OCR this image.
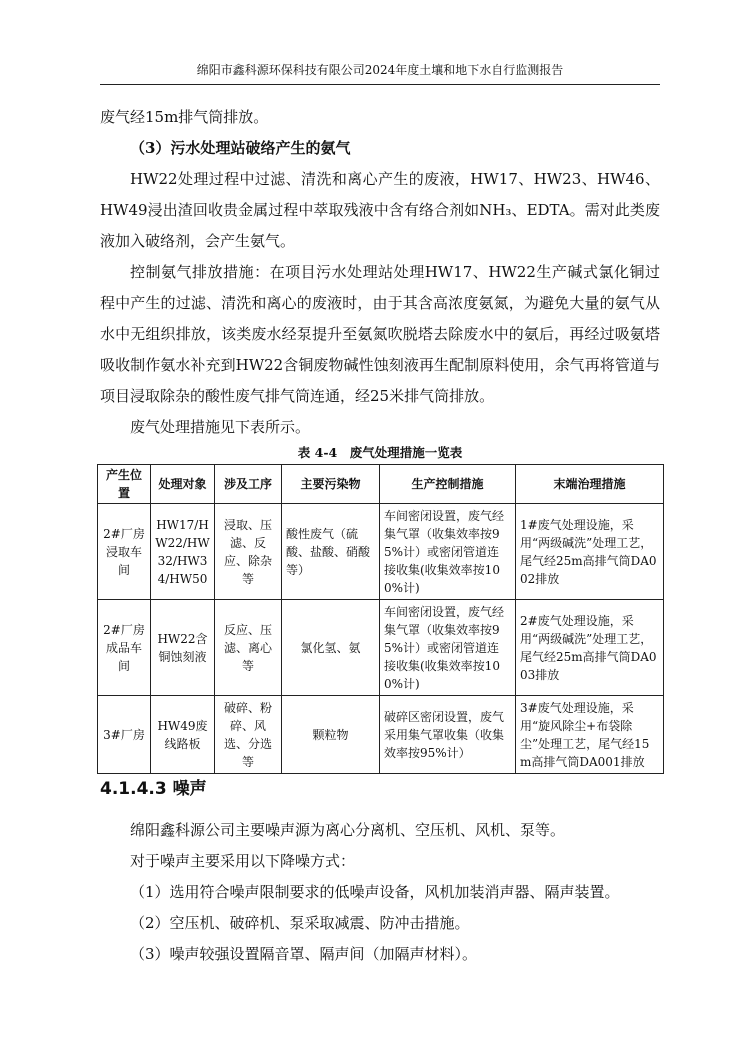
绵阳市鑫科源环保科技有限公司2024年度土壤和地下水自行监测报告

废气经15m排气筒排放。

（3）污水处理站破络产生的氨气

HW22处理过程中过滤、清洗和离心产生的废液，HW17、HW23、HW46、HW49浸出渣回收贵金属过程中萃取残液中含有络合剂如NH₃、EDTA。需对此类废液加入破络剂，会产生氨气。

控制氨气排放措施：在项目污水处理站处理HW17、HW22生产碱式氯化铜过程中产生的过滤、清洗和离心的废液时，由于其含高浓度氨氮，为避免大量的氨气从水中无组织排放，该类废水经泵提升至氨氮吹脱塔去除废水中的氨后，再经过吸氨塔吸收制作氨水补充到HW22含铜废物碱性蚀刻液再生配制原料使用，余气再将管道与项目浸取除杂的酸性废气排气筒连通，经25米排气筒排放。

废气处理措施见下表所示。

表 4-4　废气处理措施一览表
产生位置	处理对象	涉及工序	主要污染物	生产控制措施	末端治理措施
2#厂房浸取车间	HW17/HW22/HW32/HW34/HW50	浸取、压滤、反应、除杂等	酸性废气（硫酸、盐酸、硝酸等）	车间密闭设置，废气经集气罩（收集效率按95%计）或密闭管道连接收集(收集效率按100%计)	1#废气处理设施，采用“两级碱洗”处理工艺，尾气经25m高排气筒DA002排放
2#厂房成品车间	HW22含铜蚀刻液	反应、压滤、离心等	氯化氢、氨	车间密闭设置，废气经集气罩（收集效率按95%计）或密闭管道连接收集(收集效率按100%计)	2#废气处理设施，采用“两级碱洗”处理工艺，尾气经25m高排气筒DA003排放
3#厂房	HW49废线路板	破碎、粉碎、风选、分选等	颗粒物	破碎区密闭设置，废气采用集气罩收集（收集效率按95%计）	3#废气处理设施，采用“旋风除尘+布袋除尘”处理工艺，尾气经15m高排气筒DA001排放
4.1.4.3 噪声

绵阳鑫科源公司主要噪声源为离心分离机、空压机、风机、泵等。

对于噪声主要采用以下降噪方式：

（1）选用符合噪声限制要求的低噪声设备，风机加装消声器、隔声装置。

（2）空压机、破碎机、泵采取减震、防冲击措施。

（3）噪声较强设置隔音罩、隔声间（加隔声材料）。
